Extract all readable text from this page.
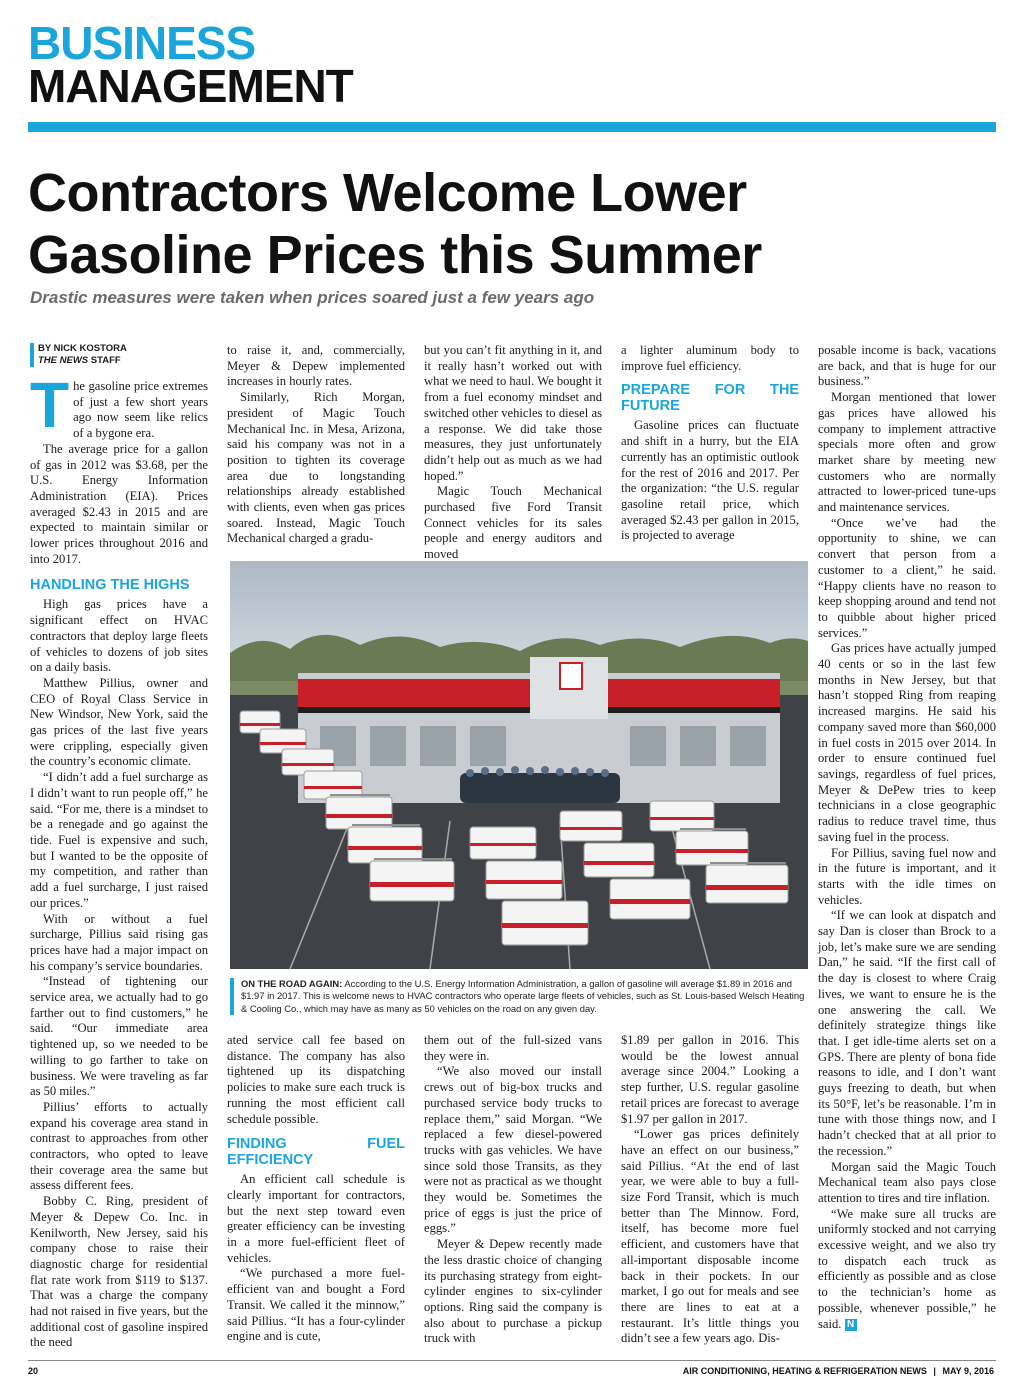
BUSINESS
MANAGEMENT
Contractors Welcome Lower
Gasoline Prices this Summer
Drastic measures were taken when prices soared just a few years ago
BY NICK KOSTORA
THE NEWS STAFF

The gasoline price extremes of just a few short years ago now seem like relics of a bygone era.

The average price for a gallon of gas in 2012 was $3.68, per the U.S. Energy Information Administration (EIA). Prices averaged $2.43 in 2015 and are expected to maintain similar or lower prices throughout 2016 and into 2017.

HANDLING THE HIGHS

High gas prices have a significant effect on HVAC contractors that deploy large fleets of vehicles to dozens of job sites on a daily basis.

Matthew Pillius, owner and CEO of Royal Class Service in New Windsor, New York, said the gas prices of the last five years were crippling, especially given the country’s economic climate.

“I didn’t add a fuel surcharge as I didn’t want to run people off,” he said. “For me, there is a mindset to be a renegade and go against the tide. Fuel is expensive and such, but I wanted to be the opposite of my competition, and rather than add a fuel surcharge, I just raised our prices.”

With or without a fuel surcharge, Pillius said rising gas prices have had a major impact on his company’s service boundaries.

“Instead of tightening our service area, we actually had to go farther out to find customers,” he said. “Our immediate area tightened up, so we needed to be willing to go farther to take on business. We were traveling as far as 50 miles.”

Pillius’ efforts to actually expand his coverage area stand in contrast to approaches from other contractors, who opted to leave their coverage area the same but assess different fees.

Bobby C. Ring, president of Meyer & Depew Co. Inc. in Kenilworth, New Jersey, said his company chose to raise their diagnostic charge for residential flat rate work from $119 to $137. That was a charge the company had not raised in five years, but the additional cost of gasoline inspired the need

to raise it, and, commercially, Meyer & Depew implemented increases in hourly rates.

Similarly, Rich Morgan, president of Magic Touch Mechanical Inc. in Mesa, Arizona, said his company was not in a position to tighten its coverage area due to longstanding relationships already established with clients, even when gas prices soared. Instead, Magic Touch Mechanical charged a gradu-

but you can’t fit anything in it, and it really hasn’t worked out with what we need to haul. We bought it from a fuel economy mindset and switched other vehicles to diesel as a response. We did take those measures, they just unfortunately didn’t help out as much as we had hoped.”

Magic Touch Mechanical purchased five Ford Transit Connect vehicles for its sales people and energy auditors and moved

a lighter aluminum body to improve fuel efficiency.

PREPARE FOR THE FUTURE

Gasoline prices can fluctuate and shift in a hurry, but the EIA currently has an optimistic outlook for the rest of 2016 and 2017. Per the organization: “the U.S. regular gasoline retail price, which averaged $2.43 per gallon in 2015, is projected to average

posable income is back, vacations are back, and that is huge for our business.”

Morgan mentioned that lower gas prices have allowed his company to implement attractive specials more often and grow market share by meeting new customers who are normally attracted to lower-priced tune-ups and maintenance services.

“Once we’ve had the opportunity to shine, we can convert that person from a customer to a client,” he said. “Happy clients have no reason to keep shopping around and tend not to quibble about higher priced services.”

Gas prices have actually jumped 40 cents or so in the last few months in New Jersey, but that hasn’t stopped Ring from reaping increased margins. He said his company saved more than $60,000 in fuel costs in 2015 over 2014. In order to ensure continued fuel savings, regardless of fuel prices, Meyer & DePew tries to keep technicians in a close geographic radius to reduce travel time, thus saving fuel in the process.

For Pillius, saving fuel now and in the future is important, and it starts with the idle times on vehicles.

“If we can look at dispatch and say Dan is closer than Brock to a job, let’s make sure we are sending Dan,” he said. “If the first call of the day is closest to where Craig lives, we want to ensure he is the one answering the call. We definitely strategize things like that. I get idle-time alerts set on a GPS. There are plenty of bona fide reasons to idle, and I don’t want guys freezing to death, but when its 50°F, let’s be reasonable. I’m in tune with those things now, and I hadn’t checked that at all prior to the recession.”

Morgan said the Magic Touch Mechanical team also pays close attention to tires and tire inflation.

“We make sure all trucks are uniformly stocked and not carrying excessive weight, and we also try to dispatch each truck as efficiently as possible and as close to the technician’s home as possible, whenever possible,” he said. N

ON THE ROAD AGAIN: According to the U.S. Energy Information Administration, a gallon of gasoline will average $1.89 in 2016 and $1.97 in 2017. This is welcome news to HVAC contractors who operate large fleets of vehicles, such as St. Louis-based Welsch Heating & Cooling Co., which may have as many as 50 vehicles on the road on any given day.

ated service call fee based on distance. The company has also tightened up its dispatching policies to make sure each truck is running the most efficient call schedule possible.

FINDING FUEL EFFICIENCY

An efficient call schedule is clearly important for contractors, but the next step toward even greater efficiency can be investing in a more fuel-efficient fleet of vehicles.

“We purchased a more fuel-efficient van and bought a Ford Transit. We called it the minnow,” said Pillius. “It has a four-cylinder engine and is cute,

them out of the full-sized vans they were in.

“We also moved our install crews out of big-box trucks and purchased service body trucks to replace them,” said Morgan. “We replaced a few diesel-powered trucks with gas vehicles. We have since sold those Transits, as they were not as practical as we thought they would be. Sometimes the price of eggs is just the price of eggs.”

Meyer & Depew recently made the less drastic choice of changing its purchasing strategy from eight-cylinder engines to six-cylinder options. Ring said the company is also about to purchase a pickup truck with

$1.89 per gallon in 2016. This would be the lowest annual average since 2004.” Looking a step further, U.S. regular gasoline retail prices are forecast to average $1.97 per gallon in 2017.

“Lower gas prices definitely have an effect on our business,” said Pillius. “At the end of last year, we were able to buy a full-size Ford Transit, which is much better than The Minnow. Ford, itself, has become more fuel efficient, and customers have that all-important disposable income back in their pockets. In our market, I go out for meals and see there are lines to eat at a restaurant. It’s little things you didn’t see a few years ago. Dis-

20	AIR CONDITIONING, HEATING & REFRIGERATION NEWS | MAY 9, 2016
